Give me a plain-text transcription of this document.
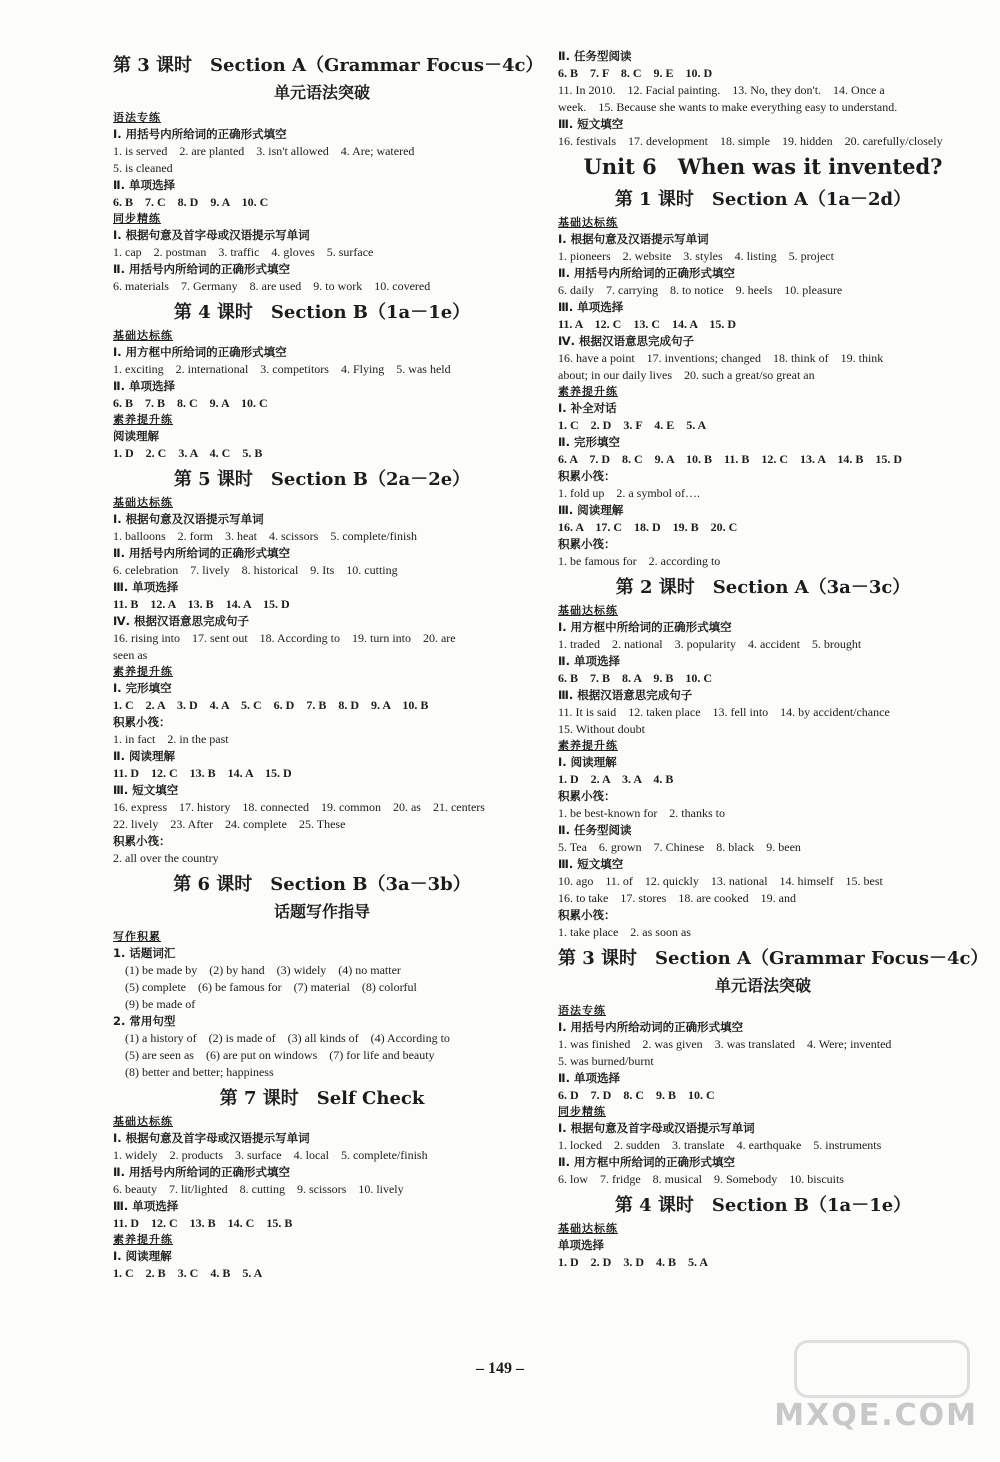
第 3 课时　Section A（Grammar Focus－4c）
单元语法突破
语法专练
Ⅰ. 用括号内所给词的正确形式填空
1. is served　2. are planted　3. isn't allowed　4. Are; watered
5. is cleaned
Ⅱ. 单项选择
6. B　7. C　8. D　9. A　10. C
同步精练
Ⅰ. 根据句意及首字母或汉语提示写单词
1. cap　2. postman　3. traffic　4. gloves　5. surface
Ⅱ. 用括号内所给词的正确形式填空
6. materials　7. Germany　8. are used　9. to work　10. covered
第 4 课时　Section B（1a－1e）
基础达标练
Ⅰ. 用方框中所给词的正确形式填空
1. exciting　2. international　3. competitors　4. Flying　5. was held
Ⅱ. 单项选择
6. B　7. B　8. C　9. A　10. C
素养提升练
阅读理解
1. D　2. C　3. A　4. C　5. B
第 5 课时　Section B（2a－2e）
基础达标练
Ⅰ. 根据句意及汉语提示写单词
1. balloons　2. form　3. heat　4. scissors　5. complete/finish
Ⅱ. 用括号内所给词的正确形式填空
6. celebration　7. lively　8. historical　9. Its　10. cutting
Ⅲ. 单项选择
11. B　12. A　13. B　14. A　15. D
Ⅳ. 根据汉语意思完成句子
16. rising into　17. sent out　18. According to　19. turn into　20. are
seen as
素养提升练
Ⅰ. 完形填空
1. C　2. A　3. D　4. A　5. C　6. D　7. B　8. D　9. A　10. B
积累小筏：
1. in fact　2. in the past
Ⅱ. 阅读理解
11. D　12. C　13. B　14. A　15. D
Ⅲ. 短文填空
16. express　17. history　18. connected　19. common　20. as　21. centers
22. lively　23. After　24. complete　25. These
积累小筏：
2. all over the country
第 6 课时　Section B（3a－3b）
话题写作指导
写作积累
1. 话题词汇
　(1) be made by　(2) by hand　(3) widely　(4) no matter
　(5) complete　(6) be famous for　(7) material　(8) colorful
　(9) be made of
2. 常用句型
　(1) a history of　(2) is made of　(3) all kinds of　(4) According to
　(5) are seen as　(6) are put on windows　(7) for life and beauty
　(8) better and better; happiness
第 7 课时　Self Check
基础达标练
Ⅰ. 根据句意及首字母或汉语提示写单词
1. widely　2. products　3. surface　4. local　5. complete/finish
Ⅱ. 用括号内所给词的正确形式填空
6. beauty　7. lit/lighted　8. cutting　9. scissors　10. lively
Ⅲ. 单项选择
11. D　12. C　13. B　14. C　15. B
素养提升练
Ⅰ. 阅读理解
1. C　2. B　3. C　4. B　5. A
Ⅱ. 任务型阅读
6. B　7. F　8. C　9. E　10. D
11. In 2010.　12. Facial painting.　13. No, they don't.　14. Once a
week.　15. Because she wants to make everything easy to understand.
Ⅲ. 短文填空
16. festivals　17. development　18. simple　19. hidden　20. carefully/closely
Unit 6　When was it invented?
第 1 课时　Section A（1a－2d）
基础达标练
Ⅰ. 根据句意及汉语提示写单词
1. pioneers　2. website　3. styles　4. listing　5. project
Ⅱ. 用括号内所给词的正确形式填空
6. daily　7. carrying　8. to notice　9. heels　10. pleasure
Ⅲ. 单项选择
11. A　12. C　13. C　14. A　15. D
Ⅳ. 根据汉语意思完成句子
16. have a point　17. inventions; changed　18. think of　19. think
about; in our daily lives　20. such a great/so great an
素养提升练
Ⅰ. 补全对话
1. C　2. D　3. F　4. E　5. A
Ⅱ. 完形填空
6. A　7. D　8. C　9. A　10. B　11. B　12. C　13. A　14. B　15. D
积累小筏：
1. fold up　2. a symbol of….
Ⅲ. 阅读理解
16. A　17. C　18. D　19. B　20. C
积累小筏：
1. be famous for　2. according to
第 2 课时　Section A（3a－3c）
基础达标练
Ⅰ. 用方框中所给词的正确形式填空
1. traded　2. national　3. popularity　4. accident　5. brought
Ⅱ. 单项选择
6. B　7. B　8. A　9. B　10. C
Ⅲ. 根据汉语意思完成句子
11. It is said　12. taken place　13. fell into　14. by accident/chance
15. Without doubt
素养提升练
Ⅰ. 阅读理解
1. D　2. A　3. A　4. B
积累小筏：
1. be best-known for　2. thanks to
Ⅱ. 任务型阅读
5. Tea　6. grown　7. Chinese　8. black　9. been
Ⅲ. 短文填空
10. ago　11. of　12. quickly　13. national　14. himself　15. best
16. to take　17. stores　18. are cooked　19. and
积累小筏：
1. take place　2. as soon as
第 3 课时　Section A（Grammar Focus－4c）
单元语法突破
语法专练
Ⅰ. 用括号内所给动词的正确形式填空
1. was finished　2. was given　3. was translated　4. Were; invented
5. was burned/burnt
Ⅱ. 单项选择
6. D　7. D　8. C　9. B　10. C
同步精练
Ⅰ. 根据句意及首字母或汉语提示写单词
1. locked　2. sudden　3. translate　4. earthquake　5. instruments
Ⅱ. 用方框中所给词的正确形式填空
6. low　7. fridge　8. musical　9. Somebody　10. biscuits
第 4 课时　Section B（1a－1e）
基础达标练
单项选择
1. D　2. D　3. D　4. B　5. A
– 149 –
MXQE.COM
